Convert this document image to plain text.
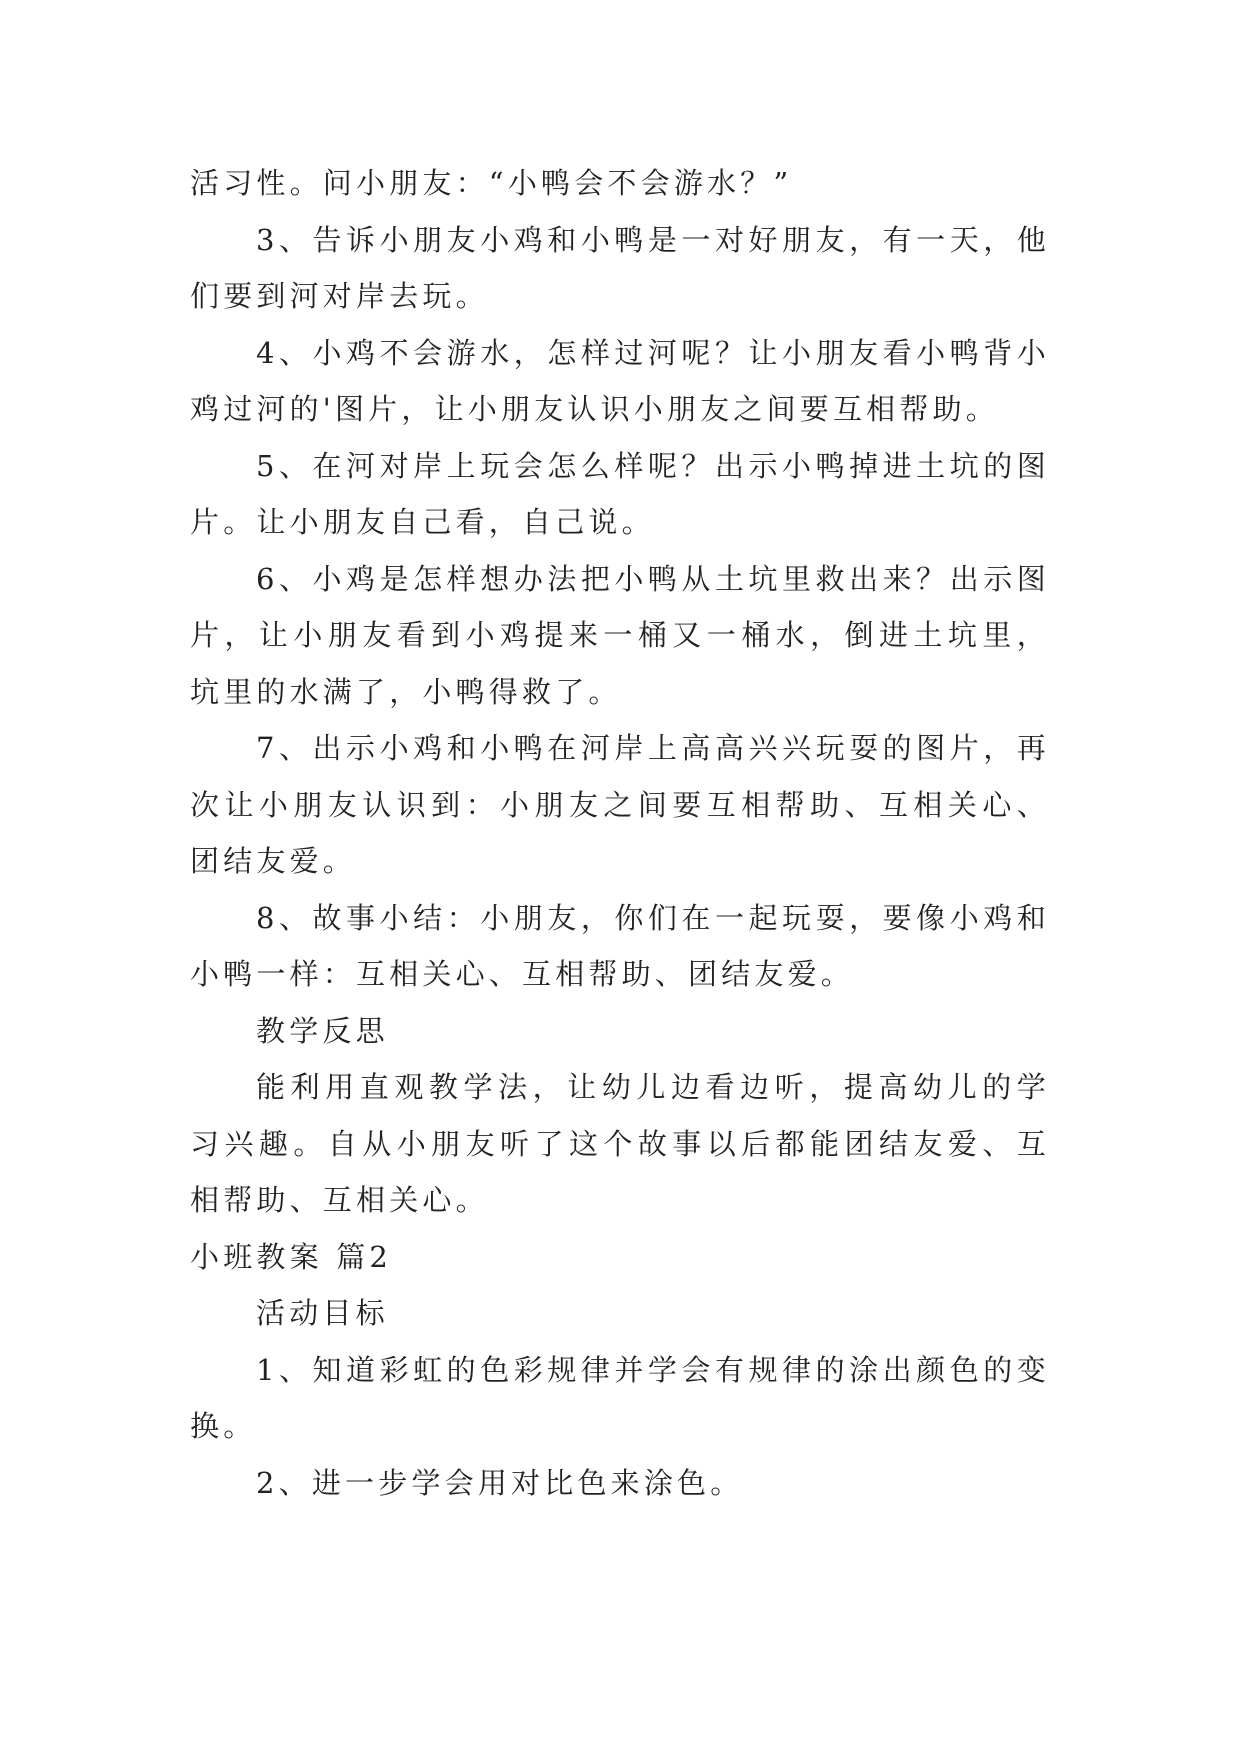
活习性。问小朋友：“小鸭会不会游水？”

3、告诉小朋友小鸡和小鸭是一对好朋友，有一天，他们要到河对岸去玩。

4、小鸡不会游水，怎样过河呢？让小朋友看小鸭背小鸡过河的'图片，让小朋友认识小朋友之间要互相帮助。

5、在河对岸上玩会怎么样呢？出示小鸭掉进土坑的图片。让小朋友自己看，自己说。

6、小鸡是怎样想办法把小鸭从土坑里救出来？出示图片，让小朋友看到小鸡提来一桶又一桶水，倒进土坑里，坑里的水满了，小鸭得救了。

7、出示小鸡和小鸭在河岸上高高兴兴玩耍的图片，再次让小朋友认识到：小朋友之间要互相帮助、互相关心、团结友爱。

8、故事小结：小朋友，你们在一起玩耍，要像小鸡和小鸭一样：互相关心、互相帮助、团结友爱。

教学反思

能利用直观教学法，让幼儿边看边听，提高幼儿的学习兴趣。自从小朋友听了这个故事以后都能团结友爱、互相帮助、互相关心。

小班教案 篇2

活动目标

1、知道彩虹的色彩规律并学会有规律的涂出颜色的变换。

2、进一步学会用对比色来涂色。
